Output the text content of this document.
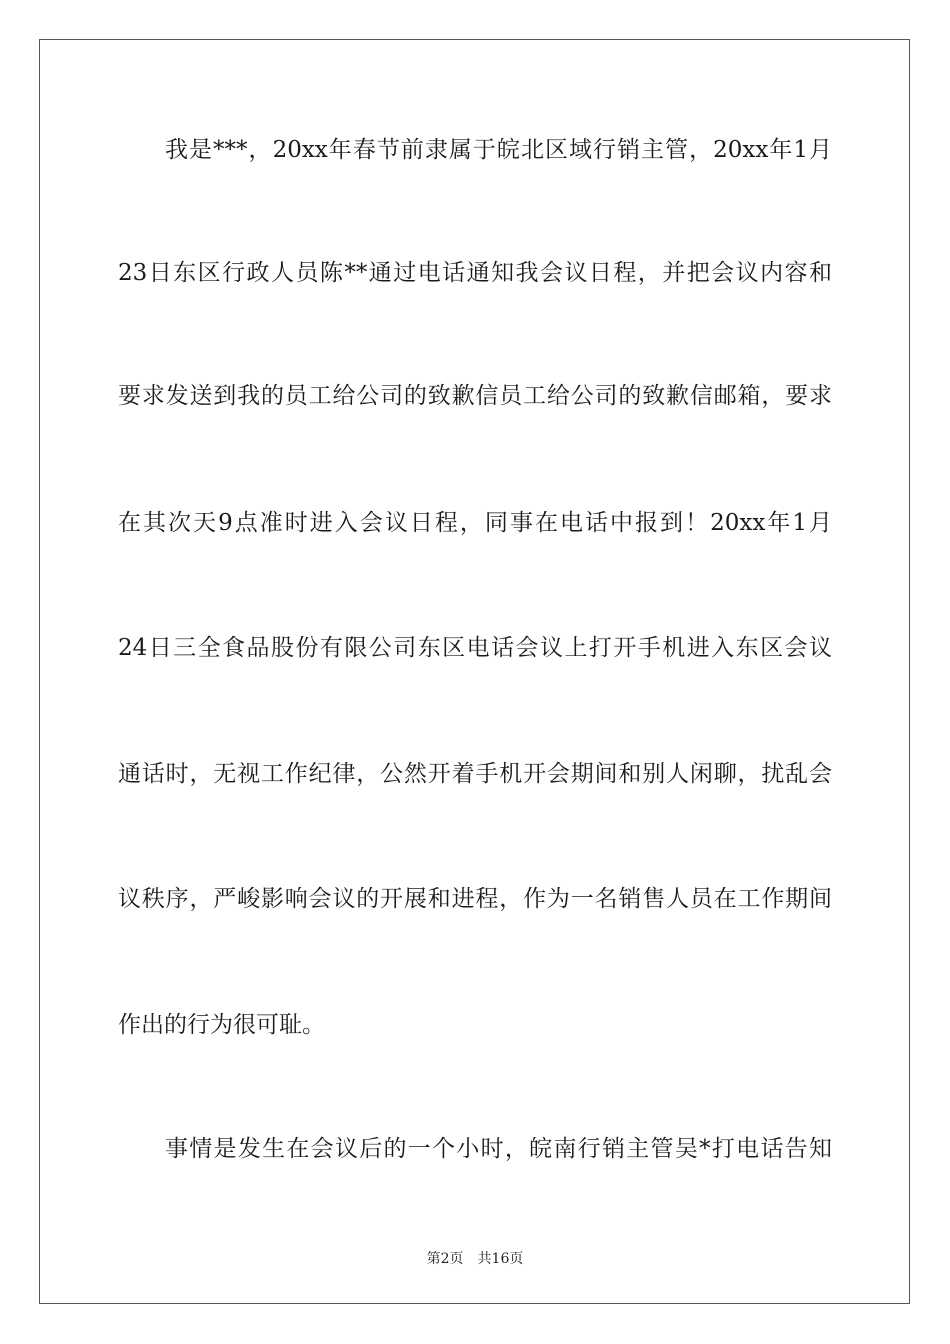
我是***，20xx年春节前隶属于皖北区域行销主管，20xx年1月
23日东区行政人员陈**通过电话通知我会议日程，并把会议内容和
要求发送到我的员工给公司的致歉信员工给公司的致歉信邮箱，要求
在其次天9点准时进入会议日程，同事在电话中报到！20xx年1月
24日三全食品股份有限公司东区电话会议上打开手机进入东区会议
通话时，无视工作纪律，公然开着手机开会期间和别人闲聊，扰乱会
议秩序，严峻影响会议的开展和进程，作为一名销售人员在工作期间
作出的行为很可耻。
事情是发生在会议后的一个小时，皖南行销主管吴*打电话告知
第2页　共16页
